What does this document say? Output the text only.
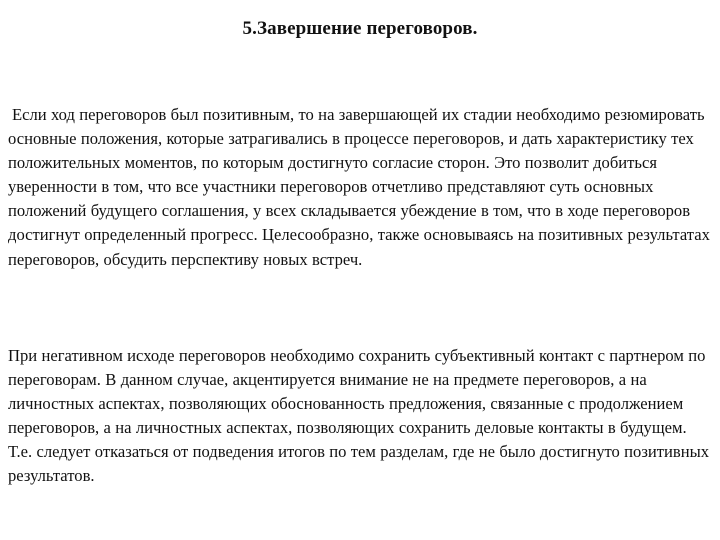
5.Завершение переговоров.

Если ход переговоров был позитивным, то на завершающей их стадии необходимо резюмировать основные положения, которые затрагивались в процессе переговоров, и дать характеристику тех положительных моментов, по которым достигнуто согласие сторон. Это позволит добиться уверенности в том, что все участники переговоров отчетливо представляют суть основных положений будущего соглашения, у всех складывается убеждение в том, что в ходе переговоров достигнут определенный прогресс. Целесообразно, также основываясь на позитивных результатах переговоров, обсудить перспективу новых встреч.

При негативном исходе переговоров необходимо сохранить субъективный контакт с партнером по переговорам. В данном случае, акцентируется внимание не на предмете переговоров, а на личностных аспектах, позволяющих обоснованность предложения, связанные с продолжением переговоров, а на личностных аспектах, позволяющих сохранить деловые контакты в будущем. Т.е. следует отказаться от подведения итогов по тем разделам, где не было достигнуто позитивных результатов.
